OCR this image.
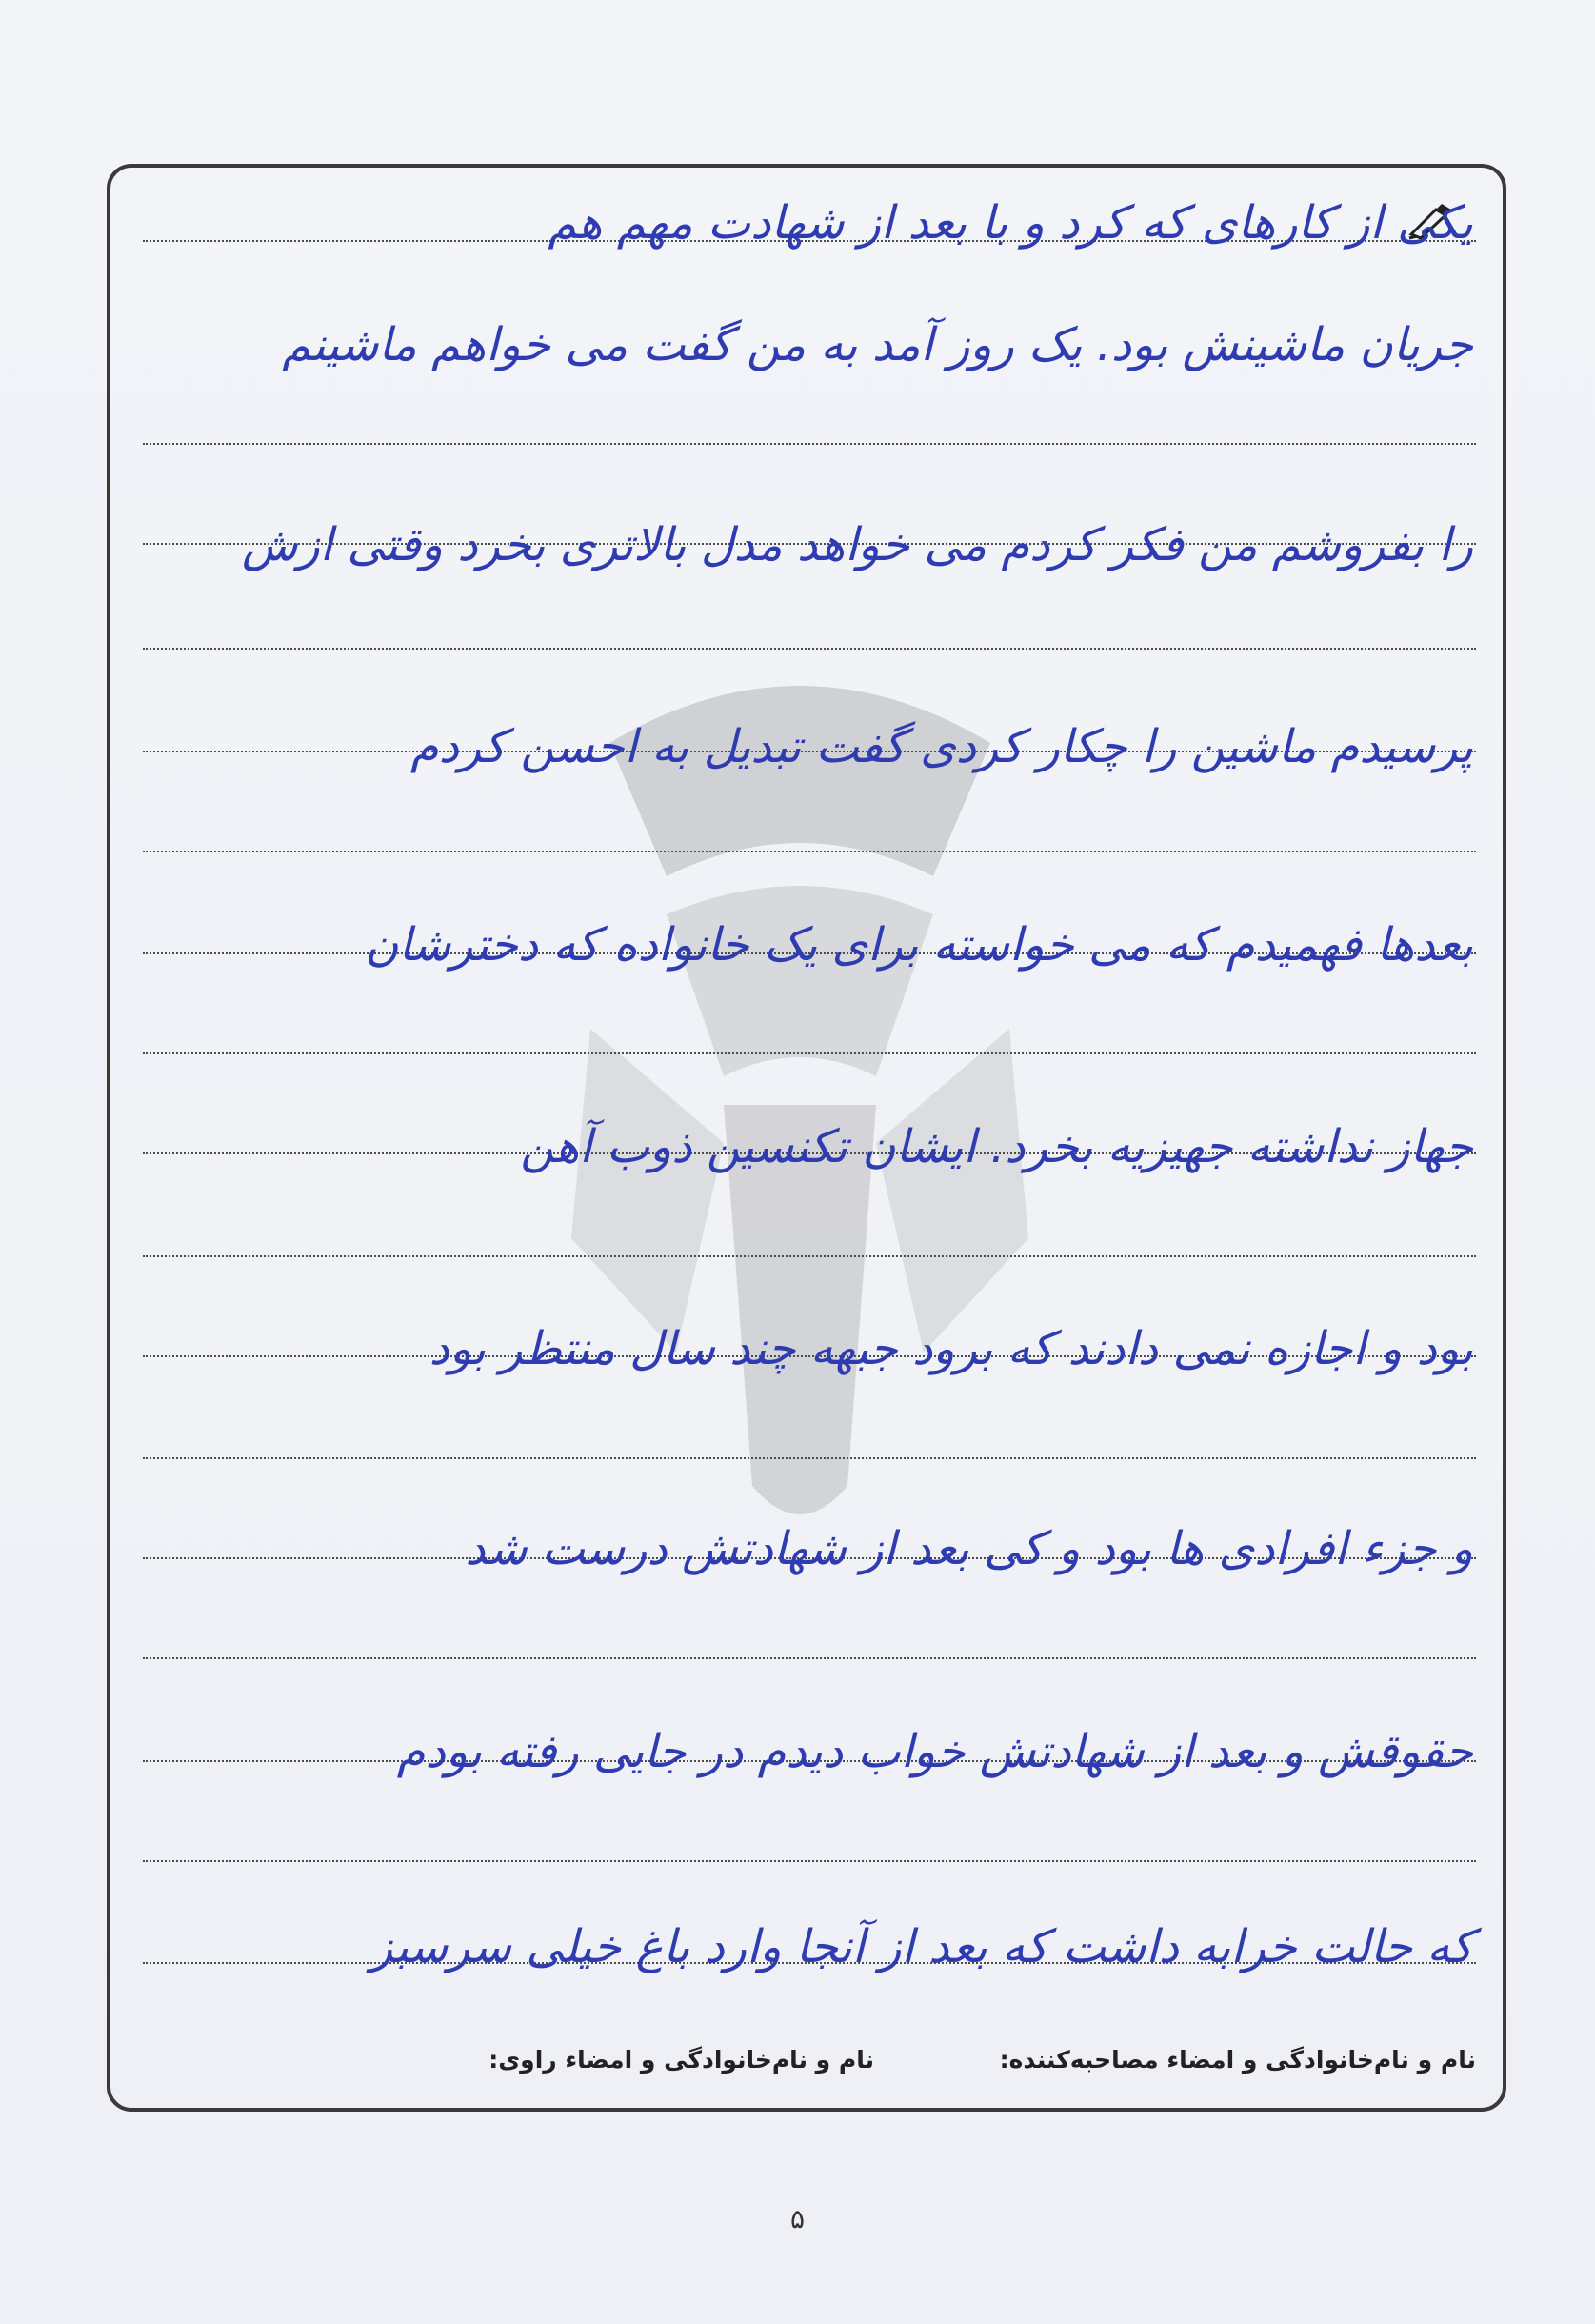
یکی از کارهای که کرد و با بعد از شهادت مهم هم
جریان ماشینش بود. یک روز آمد به من گفت می خواهم ماشینم
را بفروشم من فکر کردم می خواهد مدل بالاتری بخرد وقتی ازش
پرسیدم ماشین را چکار کردی گفت تبدیل به احسن کردم
بعدها فهمیدم که می خواسته برای یک خانواده که دخترشان
جهاز نداشته جهیزیه بخرد. ایشان تکنسین ذوب آهن
بود و اجازه نمی دادند که برود جبهه چند سال منتظر بود
و جزء افرادی ها بود و کی بعد از شهادتش درست شد
حقوقش و بعد از شهادتش خواب دیدم در جایی رفته بودم
که حالت خرابه داشت که بعد از آنجا وارد باغ خیلی سرسبز
نام و نام‌خانوادگی و امضاء مصاحبه‌کننده:
نام و نام‌خانوادگی و امضاء راوی:
۵
